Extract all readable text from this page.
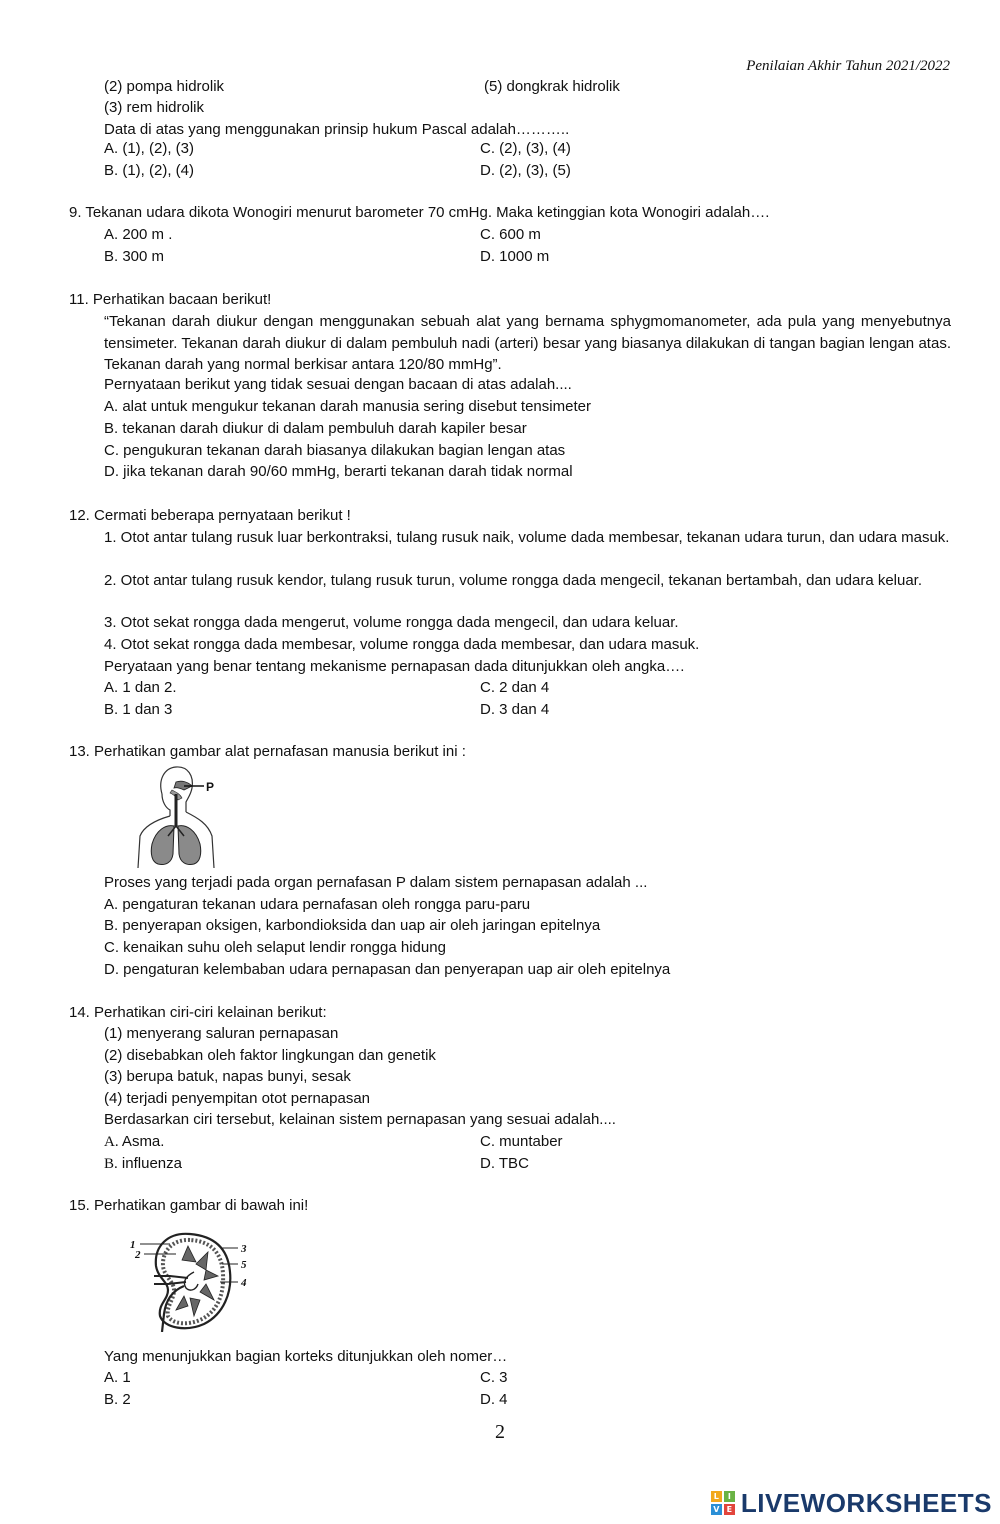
Penilaian Akhir Tahun 2021/2022
(2) pompa hidrolik	(5) dongkrak hidrolik
(3) rem hidrolik
Data di atas yang menggunakan prinsip hukum Pascal adalah………..
A. (1), (2), (3)	C. (2), (3), (4)
B. (1), (2), (4)	D. (2), (3), (5)
9. Tekanan udara dikota Wonogiri menurut barometer 70 cmHg. Maka ketinggian kota Wonogiri adalah….
A. 200 m .	C. 600 m
B. 300 m	D. 1000 m
11. Perhatikan bacaan berikut!
“Tekanan darah diukur dengan menggunakan sebuah alat yang bernama sphygmomanometer, ada pula yang menyebutnya tensimeter. Tekanan darah diukur di dalam pembuluh nadi (arteri) besar yang biasanya dilakukan di tangan bagian lengan atas. Tekanan darah yang normal berkisar antara 120/80 mmHg”.
Pernyataan berikut yang tidak sesuai dengan bacaan di atas adalah....
A. alat untuk mengukur tekanan darah manusia sering disebut tensimeter
B. tekanan darah diukur di dalam pembuluh darah kapiler besar
C. pengukuran tekanan darah biasanya dilakukan bagian lengan atas
D. jika tekanan darah 90/60 mmHg, berarti tekanan darah tidak normal
12. Cermati beberapa pernyataan berikut !
1. Otot antar tulang rusuk luar berkontraksi, tulang rusuk naik, volume dada membesar, tekanan udara turun, dan udara masuk.
2. Otot antar tulang rusuk kendor, tulang rusuk turun, volume rongga dada mengecil, tekanan bertambah, dan udara keluar.
3. Otot sekat rongga dada mengerut, volume rongga dada mengecil, dan udara keluar.
4. Otot sekat rongga dada membesar, volume rongga dada membesar, dan udara masuk.
Peryataan yang benar tentang mekanisme pernapasan dada ditunjukkan oleh angka….
A. 1 dan 2.	C. 2 dan 4
B. 1 dan 3	D. 3 dan 4
13. Perhatikan gambar alat pernafasan manusia berikut ini :
P
Proses yang terjadi pada organ pernafasan P dalam sistem pernapasan adalah ...
A. pengaturan tekanan udara pernafasan oleh rongga paru-paru
B. penyerapan oksigen, karbondioksida dan uap air oleh jaringan epitelnya
C. kenaikan suhu oleh selaput lendir rongga hidung
D. pengaturan kelembaban udara pernapasan dan penyerapan uap air oleh epitelnya
14. Perhatikan ciri-ciri kelainan berikut:
(1) menyerang saluran pernapasan
(2) disebabkan oleh faktor lingkungan dan genetik
(3) berupa batuk, napas bunyi, sesak
(4) terjadi penyempitan otot pernapasan
Berdasarkan ciri tersebut, kelainan sistem pernapasan yang sesuai adalah....
A. Asma.	C. muntaber
B. influenza	D. TBC
15. Perhatikan gambar di bawah ini!
1
2	3
5
4
Yang menunjukkan bagian korteks ditunjukkan oleh nomer…
A. 1	C. 3
B. 2	D. 4
2
L	I
V E LIVEWORKSHEETS
